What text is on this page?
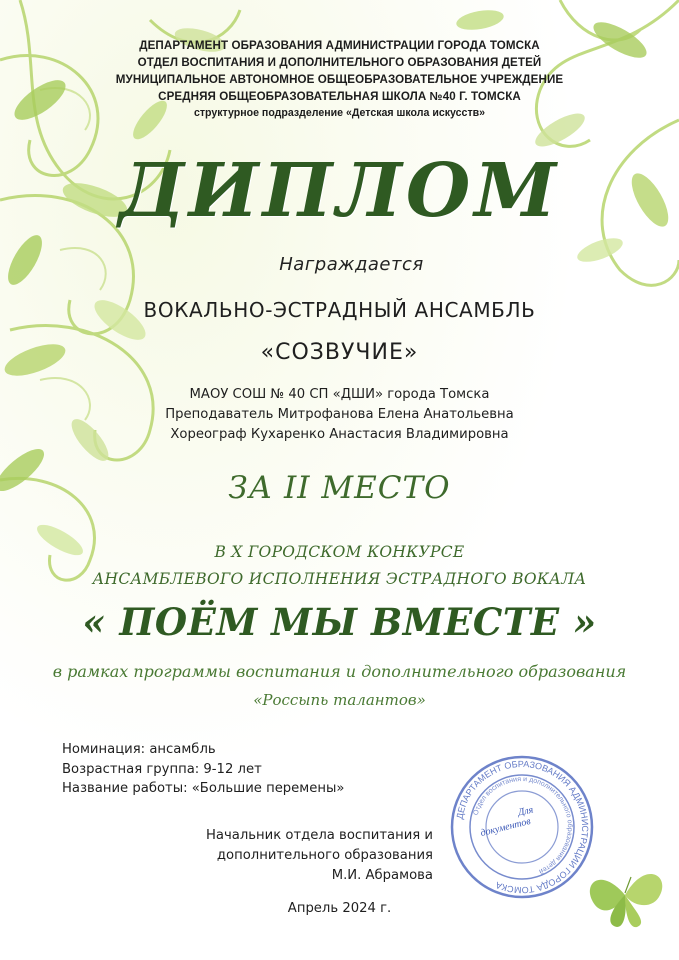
ДЕПАРТАМЕНТ ОБРАЗОВАНИЯ АДМИНИСТРАЦИИ ГОРОДА ТОМСКА
ОТДЕЛ ВОСПИТАНИЯ И ДОПОЛНИТЕЛЬНОГО ОБРАЗОВАНИЯ ДЕТЕЙ
МУНИЦИПАЛЬНОЕ АВТОНОМНОЕ ОБЩЕОБРАЗОВАТЕЛЬНОЕ УЧРЕЖДЕНИЕ
СРЕДНЯЯ ОБЩЕОБРАЗОВАТЕЛЬНАЯ ШКОЛА №40 Г. ТОМСКА
структурное подразделение «Детская школа искусств»
ДИПЛОМ
Награждается
ВОКАЛЬНО-ЭСТРАДНЫЙ АНСАМБЛЬ
«СОЗВУЧИЕ»
МАОУ СОШ № 40 СП «ДШИ» города Томска
Преподаватель Митрофанова Елена Анатольевна
Хореограф Кухаренко Анастасия Владимировна
ЗА II МЕСТО
В X ГОРОДСКОМ КОНКУРСЕ
АНСАМБЛЕВОГО ИСПОЛНЕНИЯ ЭСТРАДНОГО ВОКАЛА
« ПОЁМ МЫ ВМЕСТЕ »
в рамках программы воспитания и дополнительного образования
«Россыпь талантов»
Номинация: ансамбль
Возрастная группа: 9-12 лет
Название работы: «Большие перемены»
ДЕПАРТАМЕНТ ОБРАЗОВАНИЯ АДМИНИСТРАЦИИ ГОРОДА ТОМСКА
Отдел воспитания и дополнительного образования детей
Для
документов
Начальник отдела воспитания и
дополнительного образования
М.И. Абрамова
Апрель 2024 г.
